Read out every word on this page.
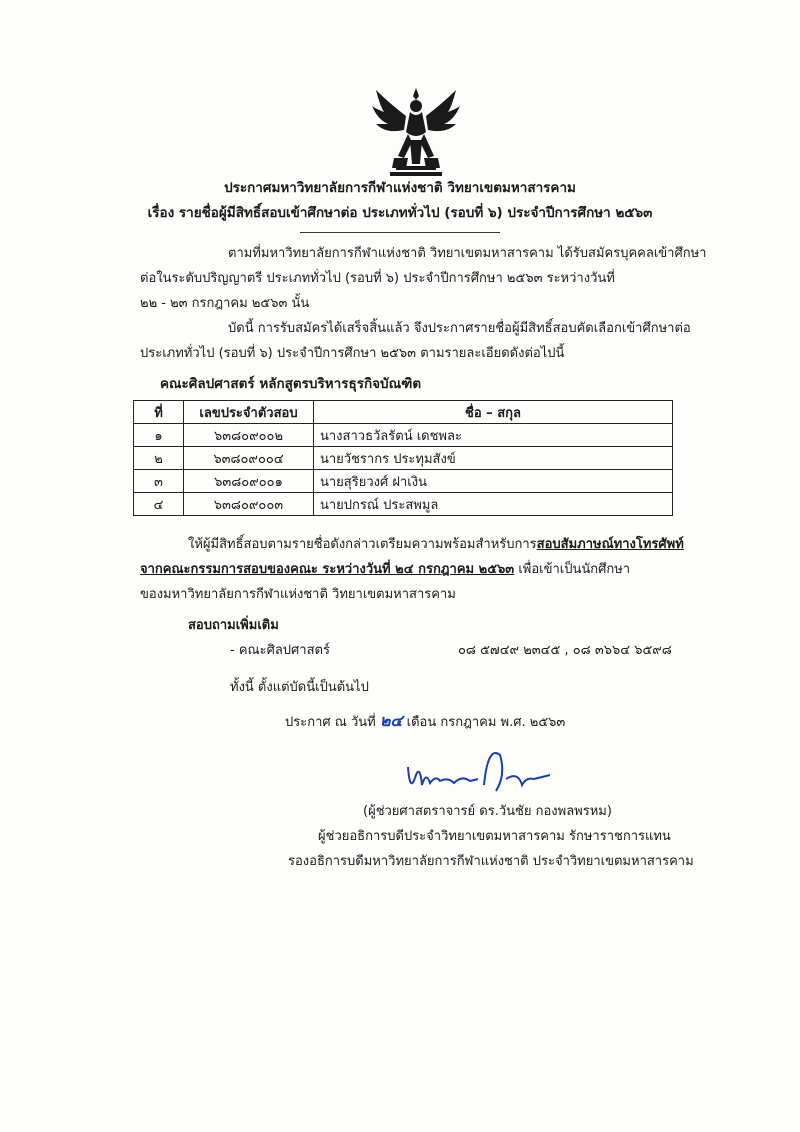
ประกาศมหาวิทยาลัยการกีฬาแห่งชาติ วิทยาเขตมหาสารคาม
เรื่อง รายชื่อผู้มีสิทธิ์สอบเข้าศึกษาต่อ ประเภททั่วไป (รอบที่ ๖) ประจำปีการศึกษา ๒๕๖๓
ตามที่มหาวิทยาลัยการกีฬาแห่งชาติ วิทยาเขตมหาสารคาม ได้รับสมัครบุคคลเข้าศึกษา
ต่อในระดับปริญญาตรี ประเภททั่วไป (รอบที่ ๖) ประจำปีการศึกษา ๒๕๖๓ ระหว่างวันที่
๒๒ - ๒๓ กรกฎาคม ๒๕๖๓ นั้น
บัดนี้ การรับสมัครได้เสร็จสิ้นแล้ว จึงประกาศรายชื่อผู้มีสิทธิ์สอบคัดเลือกเข้าศึกษาต่อ
ประเภททั่วไป (รอบที่ ๖) ประจำปีการศึกษา ๒๕๖๓ ตามรายละเอียดดังต่อไปนี้
คณะศิลปศาสตร์ หลักสูตรบริหารธุรกิจบัณฑิต
ที่	เลขประจำตัวสอบ	ชื่อ – สกุล
๑	๖๓๘๐๙๐๐๒	นางสาวธวัลรัตน์ เดชพละ
๒	๖๓๘๐๙๐๐๔	นายวัชรากร ประทุมสังข์
๓	๖๓๘๐๙๐๐๑	นายสุริยวงศ์ ฝาเงิน
๔	๖๓๘๐๙๐๐๓	นายปกรณ์ ประสพมูล
ให้ผู้มีสิทธิ์สอบตามรายชื่อดังกล่าวเตรียมความพร้อมสำหรับการสอบสัมภาษณ์ทางโทรศัพท์
จากคณะกรรมการสอบของคณะ ระหว่างวันที่ ๒๔ กรกฎาคม ๒๕๖๓ เพื่อเข้าเป็นนักศึกษา
ของมหาวิทยาลัยการกีฬาแห่งชาติ วิทยาเขตมหาสารคาม
สอบถามเพิ่มเติม
- คณะศิลปศาสตร์	๐๘ ๕๗๔๙ ๒๓๔๕ , ๐๘ ๓๖๖๔ ๖๕๙๘
ทั้งนี้ ตั้งแต่บัดนี้เป็นต้นไป
ประกาศ ณ วันที่ ๒๔ เดือน กรกฎาคม พ.ศ. ๒๕๖๓
(ผู้ช่วยศาสตราจารย์ ดร.วันชัย กองพลพรหม)
ผู้ช่วยอธิการบดีประจำวิทยาเขตมหาสารคาม รักษาราชการแทน
รองอธิการบดีมหาวิทยาลัยการกีฬาแห่งชาติ ประจำวิทยาเขตมหาสารคาม
